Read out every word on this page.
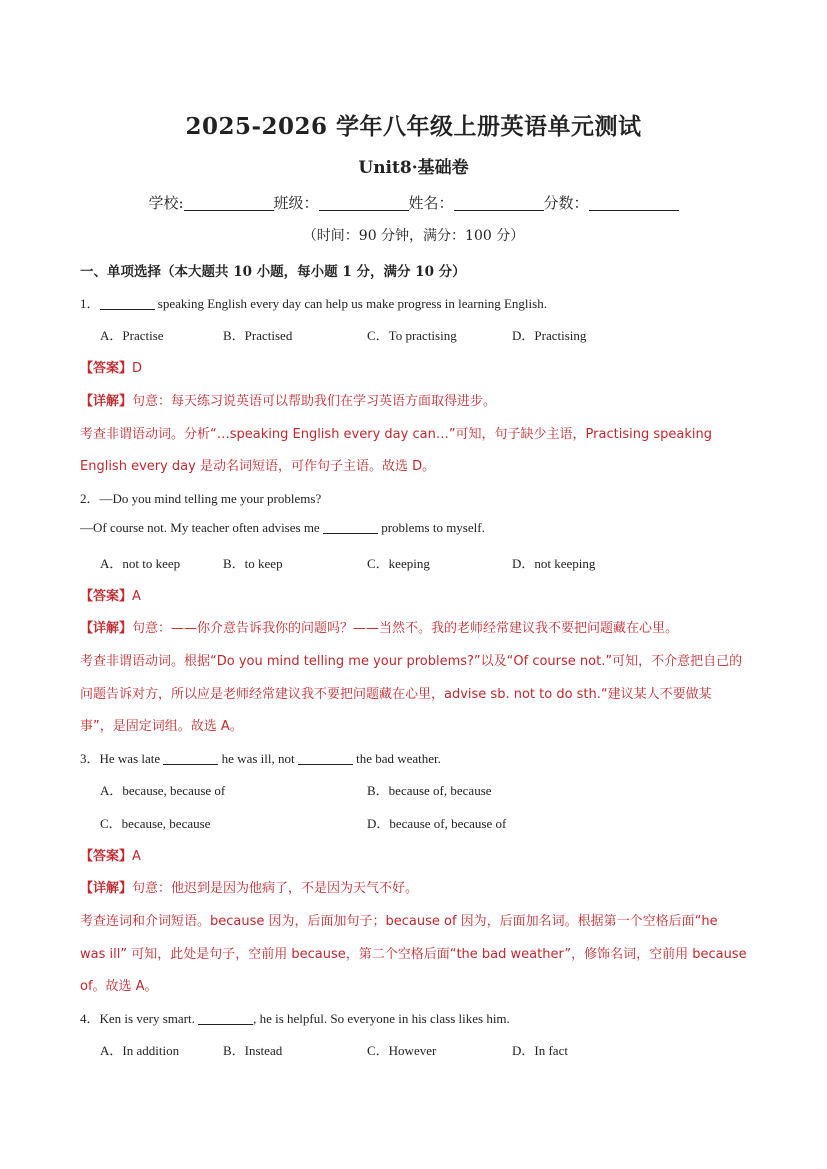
2025-2026 学年八年级上册英语单元测试
Unit8·基础卷
学校:	班级：	姓名：	分数：
（时间：90 分钟，满分：100 分）
一、单项选择（本大题共 10 小题，每小题 1 分，满分 10 分）
1．	speaking English every day can help us make progress in learning English.
A．Practise	B．Practised	C．To practising	D．Practising
【答案】D
【详解】句意：每天练习说英语可以帮助我们在学习英语方面取得进步。
考查非谓语动词。分析“…speaking English every day can…”可知，句子缺少主语，Practising speaking
English every day 是动名词短语，可作句子主语。故选 D。
2．—Do you mind telling me your problems?
—Of course not. My teacher often advises me	problems to myself.
A．not to keep	B．to keep	C．keeping	D．not keeping
【答案】A
【详解】句意：——你介意告诉我你的问题吗？——当然不。我的老师经常建议我不要把问题藏在心里。
考查非谓语动词。根据“Do you mind telling me your problems?”以及“Of course not.”可知，不介意把自己的
问题告诉对方，所以应是老师经常建议我不要把问题藏在心里，advise sb. not to do sth.“建议某人不要做某
事”，是固定词组。故选 A。
3．He was late	he was ill, not	the bad weather.
A．because, because of	B．because of, because
C．because, because	D．because of, because of
【答案】A
【详解】句意：他迟到是因为他病了，不是因为天气不好。
考查连词和介词短语。because 因为，后面加句子；because of 因为，后面加名词。根据第一个空格后面“he
was ill” 可知，此处是句子，空前用 because，第二个空格后面“the bad weather”，修饰名词，空前用 because
of。故选 A。
4．Ken is very smart.	, he is helpful. So everyone in his class likes him.
A．In addition	B．Instead	C．However	D．In fact
